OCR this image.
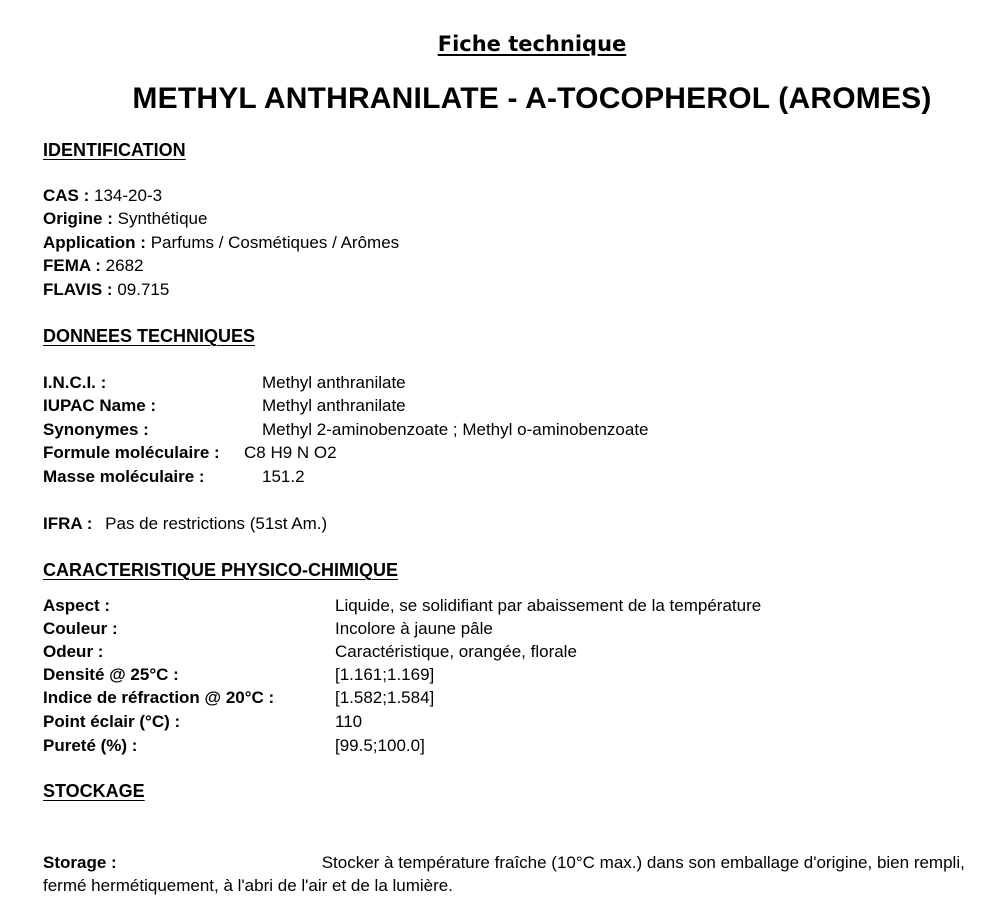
Fiche technique
METHYL ANTHRANILATE - A-TOCOPHEROL (AROMES)
IDENTIFICATION
CAS : 134-20-3
Origine : Synthétique
Application : Parfums / Cosmétiques / Arômes
FEMA : 2682
FLAVIS : 09.715
DONNEES TECHNIQUES
I.N.C.I. :	Methyl anthranilate
IUPAC Name :	Methyl anthranilate
Synonymes :	Methyl 2-aminobenzoate ; Methyl o-aminobenzoate
Formule moléculaire : C8 H9 N O2
Masse moléculaire :	151.2
IFRA : Pas de restrictions (51st Am.)
CARACTERISTIQUE PHYSICO-CHIMIQUE
Aspect :	Liquide, se solidifiant par abaissement de la température
Couleur :	Incolore à jaune pâle
Odeur :	Caractéristique, orangée, florale
Densité @ 25°C :	[1.161;1.169]
Indice de réfraction @ 20°C :	[1.582;1.584]
Point éclair (°C) :	110
Pureté (%) :	[99.5;100.0]
STOCKAGE
Storage :	Stocker à température fraîche (10°C max.) dans son emballage d'origine, bien rempli, fermé hermétiquement, à l'abri de l'air et de la lumière.
